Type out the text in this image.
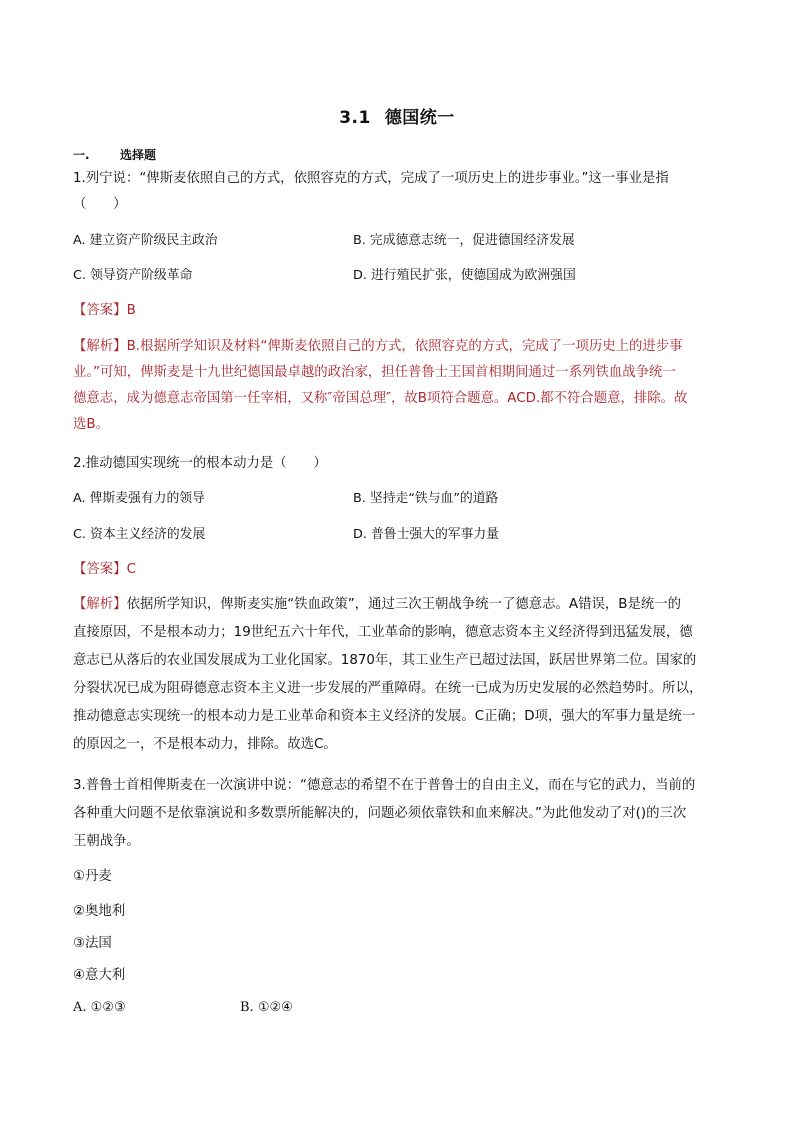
3.1 德国统一
一.	选择题
1.列宁说：“俾斯麦依照自己的方式，依照容克的方式，完成了一项历史上的进步事业。”这一事业是指
（　　）
A. 建立资产阶级民主政治	B. 完成德意志统一，促进德国经济发展
C. 领导资产阶级革命	D. 进行殖民扩张，使德国成为欧洲强国
【答案】B
【解析】B.根据所学知识及材料“俾斯麦依照自己的方式，依照容克的方式，完成了一项历史上的进步事
业。”可知，俾斯麦是十九世纪德国最卓越的政治家，担任普鲁士王国首相期间通过一系列铁血战争统一
德意志，成为德意志帝国第一任宰相，又称″帝国总理″，故B项符合题意。ACD.都不符合题意，排除。故
选B。
2.推动德国实现统一的根本动力是（　　）
A. 俾斯麦强有力的领导	B. 坚持走“铁与血”的道路
C. 资本主义经济的发展	D. 普鲁士强大的军事力量
【答案】C
【解析】依据所学知识，俾斯麦实施“铁血政策”，通过三次王朝战争统一了德意志。A错误，B是统一的
直接原因，不是根本动力；19世纪五六十年代，工业革命的影响，德意志资本主义经济得到迅猛发展，德
意志已从落后的农业国发展成为工业化国家。1870年，其工业生产已超过法国，跃居世界第二位。国家的
分裂状况已成为阻碍德意志资本主义进一步发展的严重障碍。在统一已成为历史发展的必然趋势时。所以，
推动德意志实现统一的根本动力是工业革命和资本主义经济的发展。C正确；D项，强大的军事力量是统一
的原因之一，不是根本动力，排除。故选C。
3.普鲁士首相俾斯麦在一次演讲中说：“德意志的希望不在于普鲁士的自由主义，而在与它的武力，当前的
各种重大问题不是依靠演说和多数票所能解决的，问题必须依靠铁和血来解决。”为此他发动了对()的三次
王朝战争。
①丹麦
②奥地利
③法国
④意大利
A. ①②③	B. ①②④
